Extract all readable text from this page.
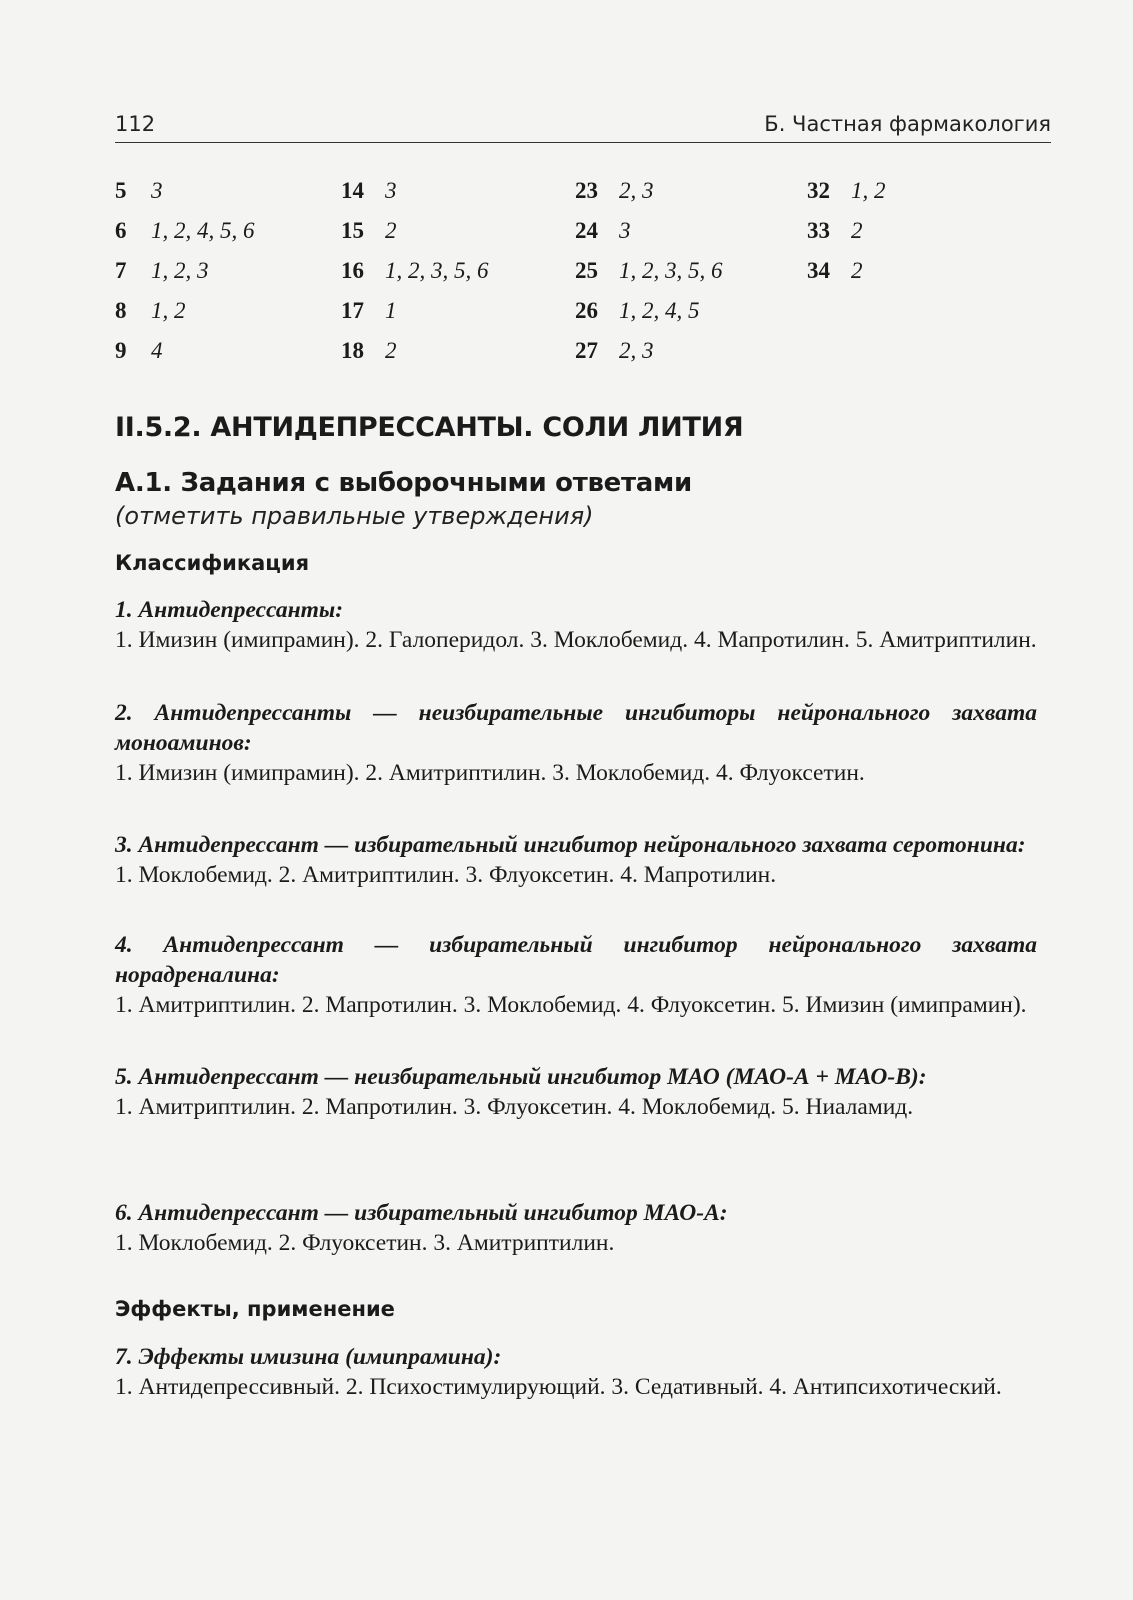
112	Б. Частная фармакология
5 3
6 1, 2, 4, 5, 6
7 1, 2, 3
8 1, 2
9 4
14 3
15 2
16 1, 2, 3, 5, 6
17 1
18 2
23 2, 3
24 3
25 1, 2, 3, 5, 6
26 1, 2, 4, 5
27 2, 3
32 1, 2
33 2
34 2
II.5.2. АНТИДЕПРЕССАНТЫ. СОЛИ ЛИТИЯ
А.1. Задания с выборочными ответами
(отметить правильные утверждения)
Классификация
1. Антидепрессанты:
1. Имизин (имипрамин). 2. Галоперидол. 3. Моклобемид. 4. Мапротилин. 5. Амитриптилин.
2. Антидепрессанты — неизбирательные ингибиторы нейронального захвата моноаминов:
1. Имизин (имипрамин). 2. Амитриптилин. 3. Моклобемид. 4. Флуоксетин.
3. Антидепрессант — избирательный ингибитор нейронального захвата серотонина:
1. Моклобемид. 2. Амитриптилин. 3. Флуоксетин. 4. Мапротилин.
4. Антидепрессант — избирательный ингибитор нейронального захвата норадреналина:
1. Амитриптилин. 2. Мапротилин. 3. Моклобемид. 4. Флуоксетин. 5. Имизин (имипрамин).
5. Антидепрессант — неизбирательный ингибитор МАО (МАО-А + МАО-В):
1. Амитриптилин. 2. Мапротилин. 3. Флуоксетин. 4. Моклобемид. 5. Ниаламид.
6. Антидепрессант — избирательный ингибитор МАО-А:
1. Моклобемид. 2. Флуоксетин. 3. Амитриптилин.
Эффекты, применение
7. Эффекты имизина (имипрамина):
1. Антидепрессивный. 2. Психостимулирующий. 3. Седативный. 4. Антипсихотический.
